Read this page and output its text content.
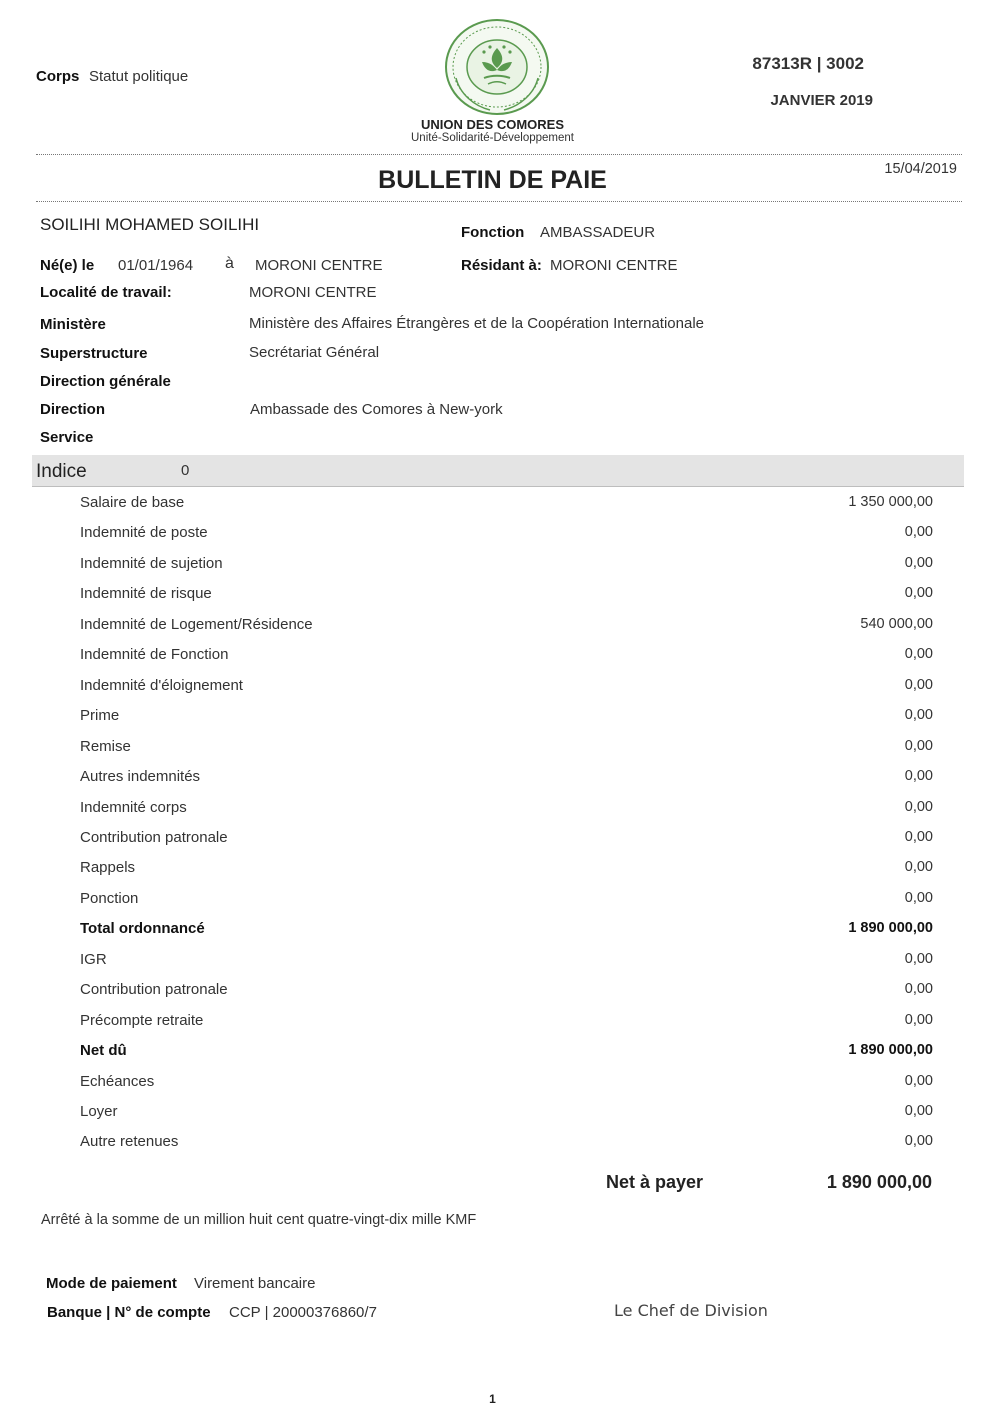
Corps Statut politique
UNION DES COMORES
Unité-Solidarité-Développement
87313R | 3002
JANVIER 2019
15/04/2019
BULLETIN DE PAIE
SOILIHI MOHAMED SOILIHI	Fonction AMBASSADEUR
Né(e) le 01/01/1964 à MORONI CENTRE	Résidant à: MORONI CENTRE
Localité de travail:	MORONI CENTRE
Ministère	Ministère des Affaires Étrangères et de la Coopération Internationale
Superstructure	Secrétariat Général
Direction générale
Direction	Ambassade des Comores à New-york
Service
Indice	0
Salaire de base	1 350 000,00
Indemnité de poste	0,00
Indemnité de sujetion	0,00
Indemnité de risque	0,00
Indemnité de Logement/Résidence	540 000,00
Indemnité de Fonction	0,00
Indemnité d'éloignement	0,00
Prime	0,00
Remise	0,00
Autres indemnités	0,00
Indemnité corps	0,00
Contribution patronale	0,00
Rappels	0,00
Ponction	0,00
Total ordonnancé	1 890 000,00
IGR	0,00
Contribution patronale	0,00
Précompte retraite	0,00
Net dû	1 890 000,00
Echéances	0,00
Loyer	0,00
Autre retenues	0,00
Net à payer	1 890 000,00
Arrêté à la somme de un million huit cent quatre-vingt-dix mille KMF
Mode de paiement Virement bancaire
Banque | N° de compte CCP | 20000376860/7	Le Chef de Division
1
